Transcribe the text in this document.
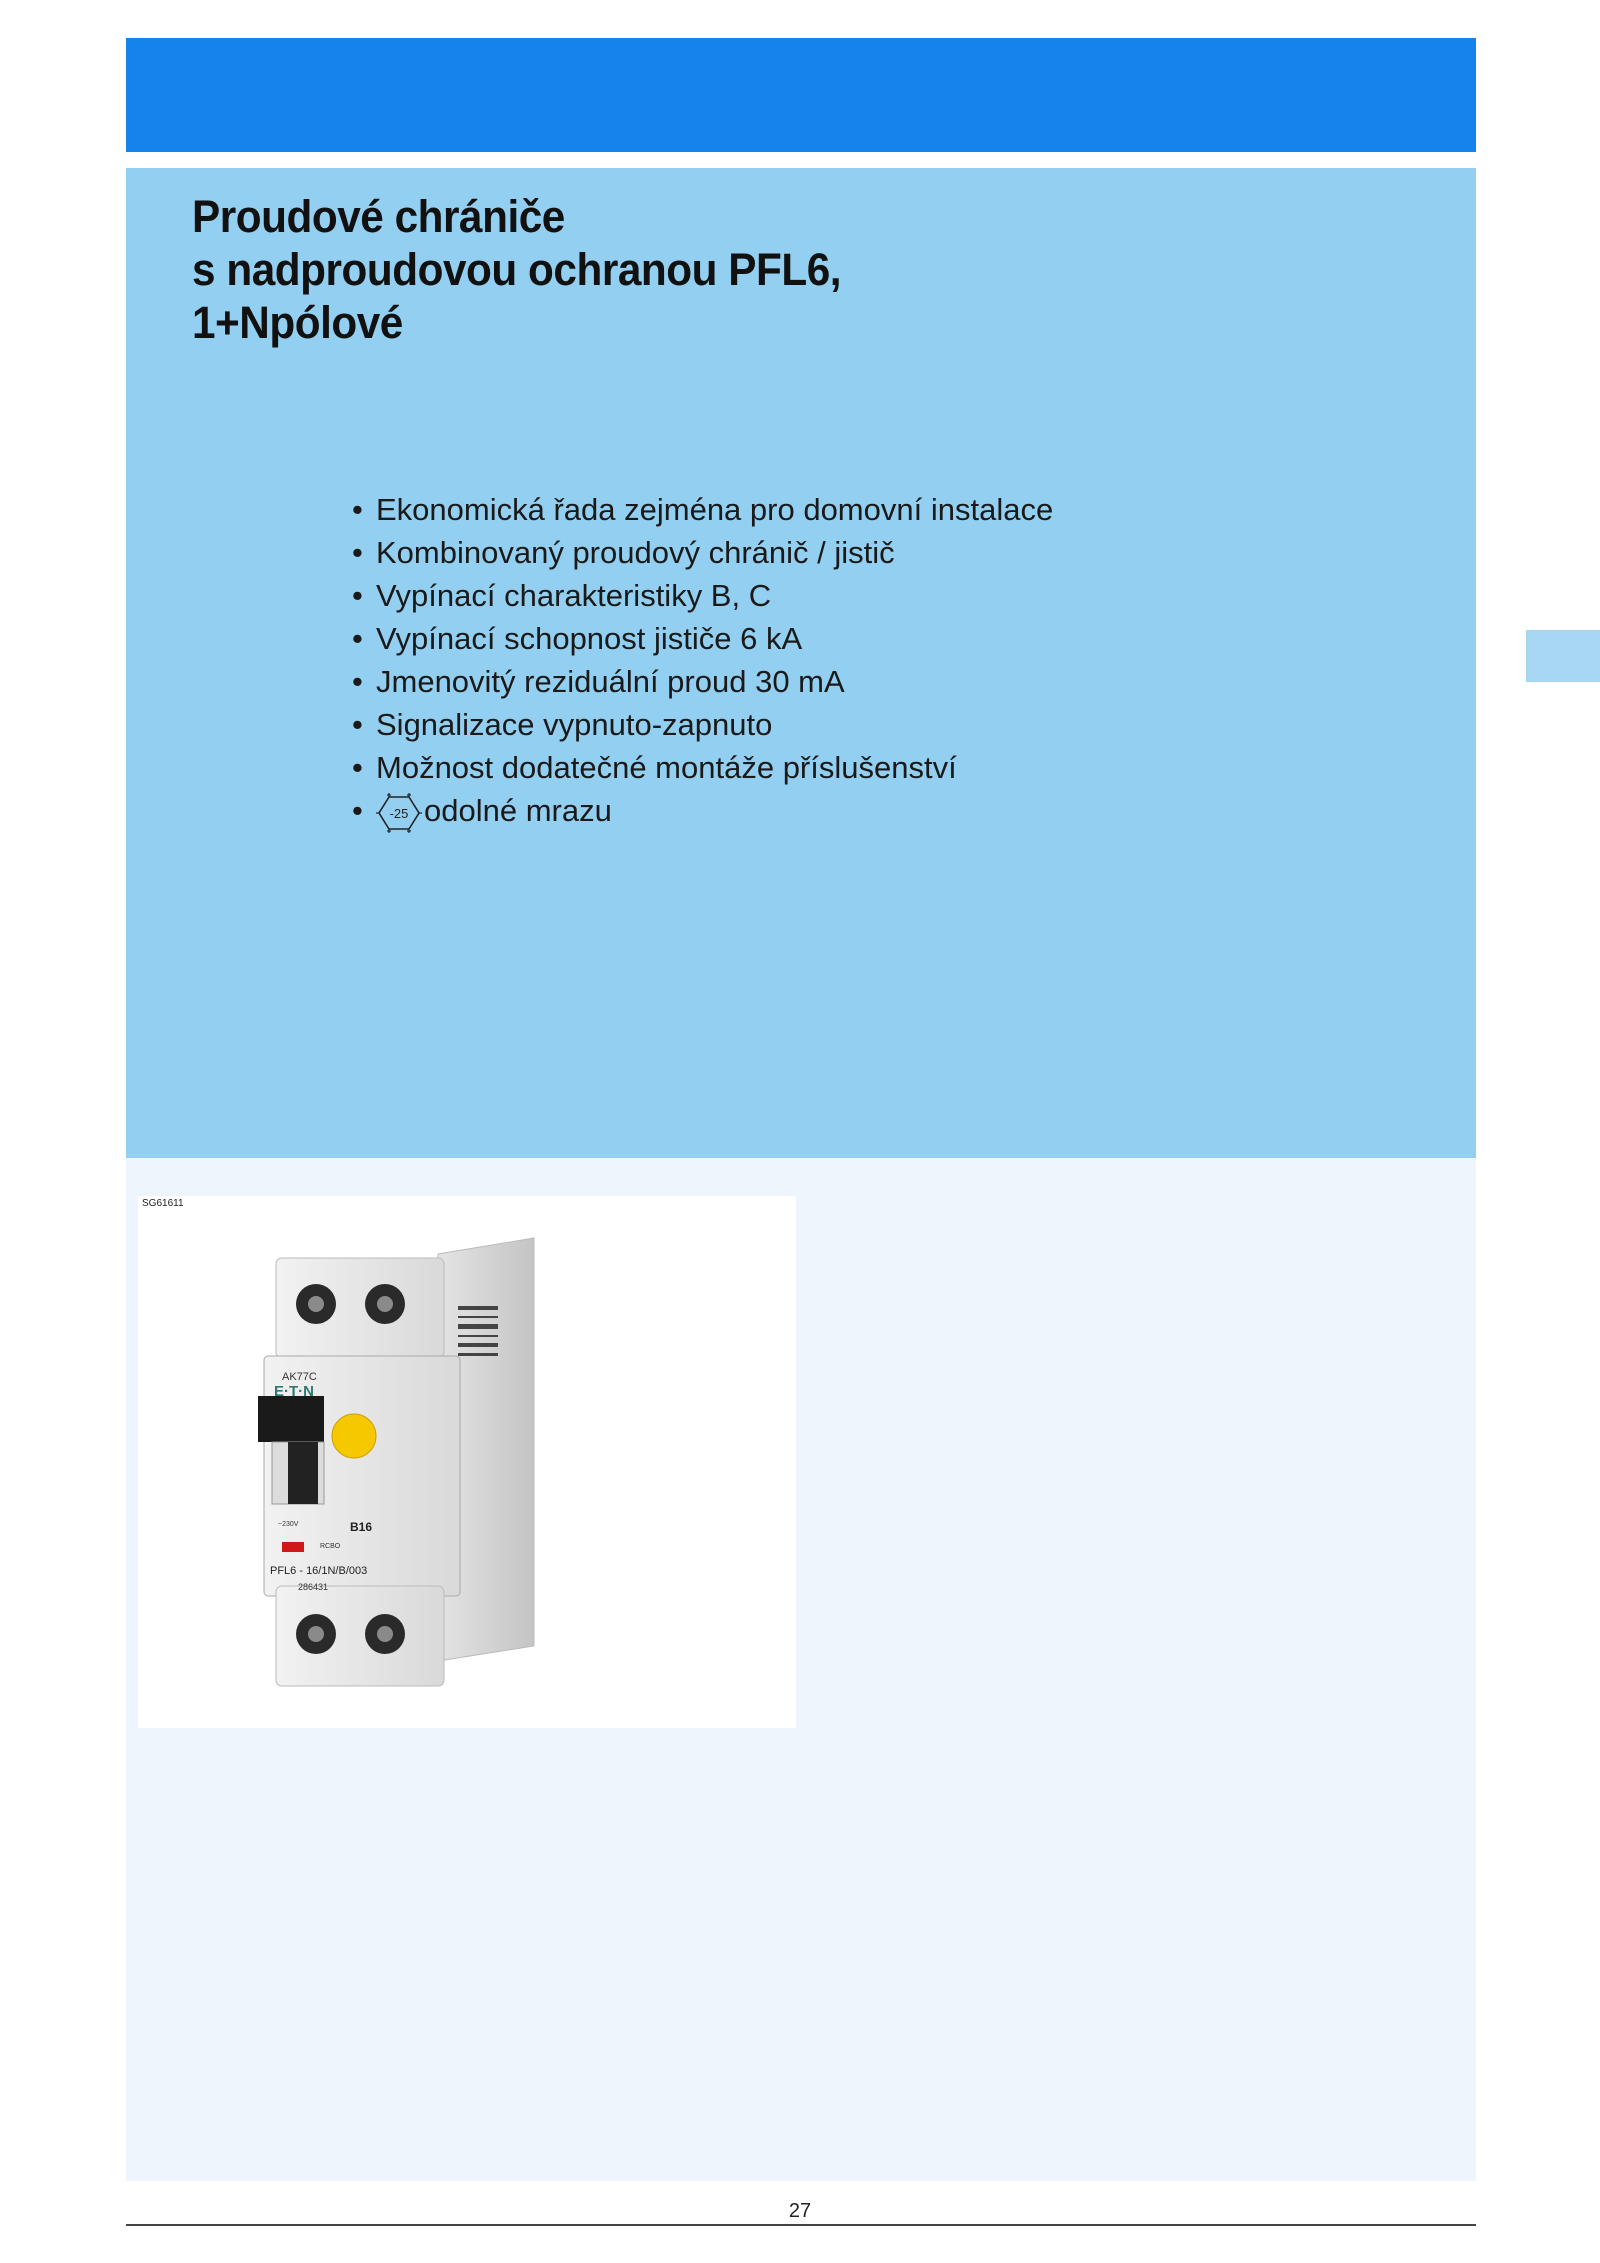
Proudové chrániče
s nadproudovou ochranou PFL6,
1+Npólové
• Ekonomická řada zejména pro domovní instalace
• Kombinovaný proudový chránič / jistič
• Vypínací charakteristiky B, C
• Vypínací schopnost jističe 6 kA
• Jmenovitý reziduální proud 30 mA
• Signalizace vypnuto-zapnuto
• Možnost dodatečné montáže příslušenství
• -25 odolné mrazu
SG61611
AK77C
E·T·N
B16
~230V
RCBO
PFL6 - 16/1N/B/003
286431
27
